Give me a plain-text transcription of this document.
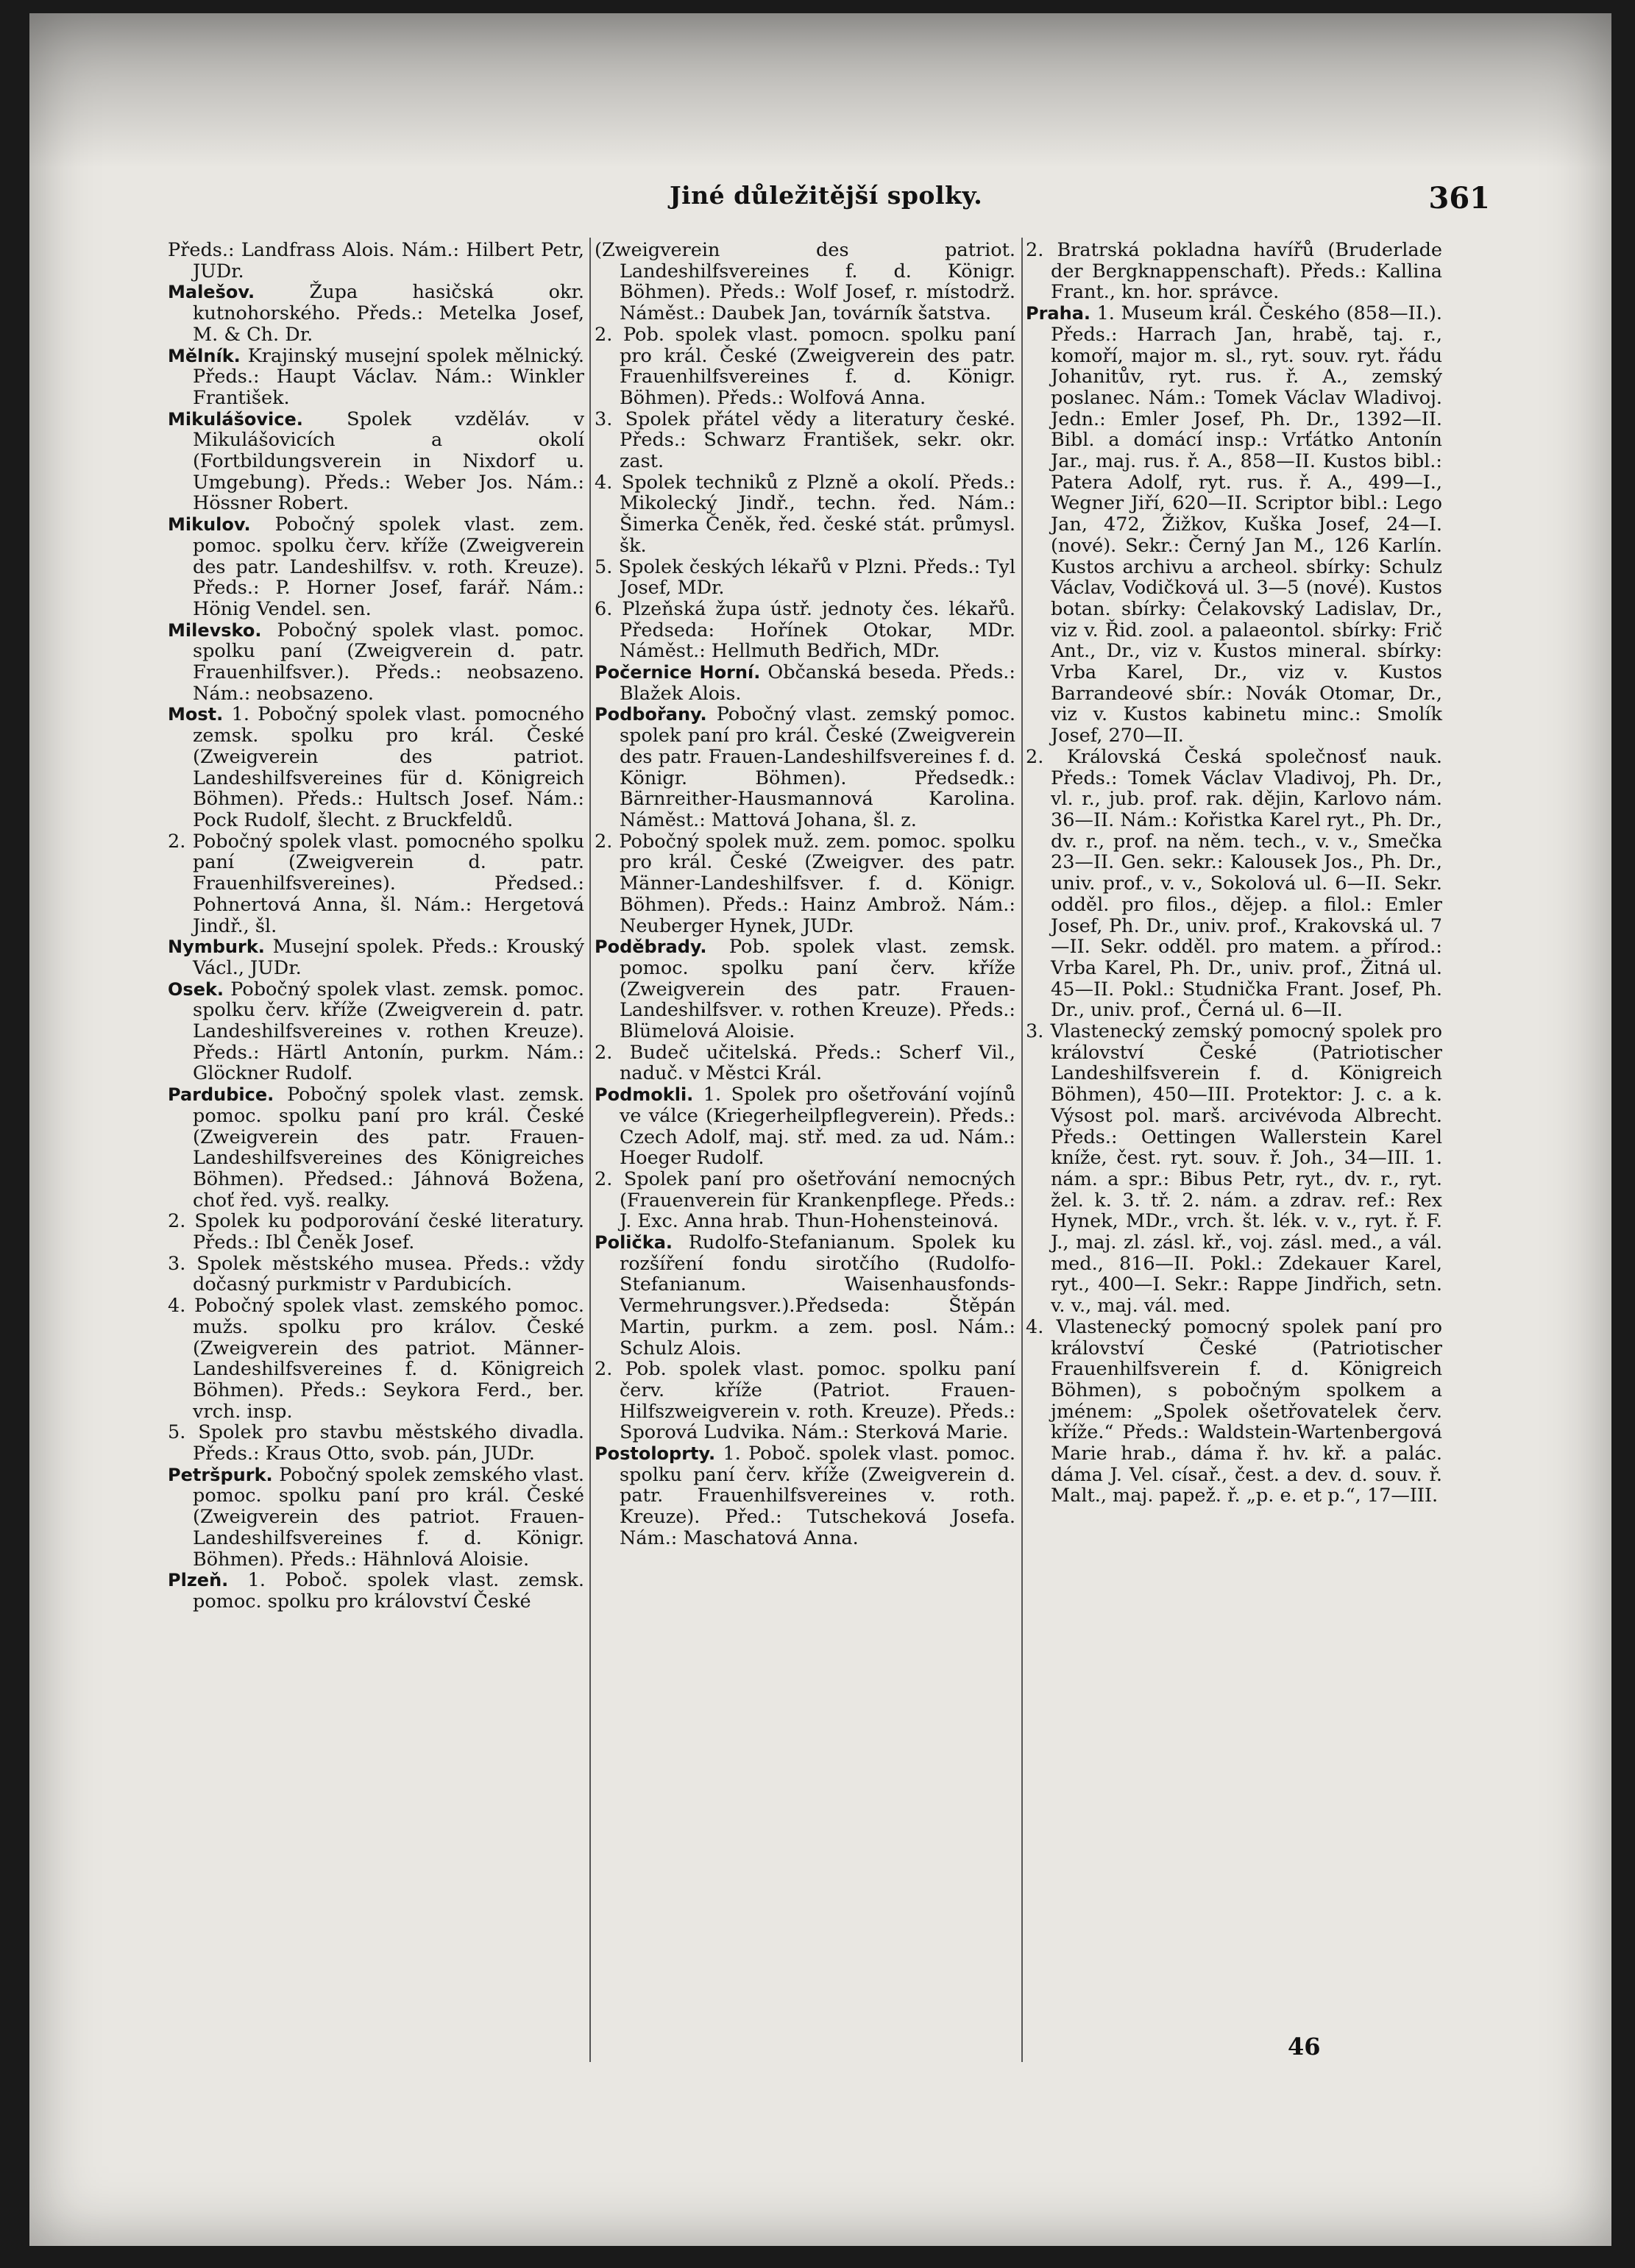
Jiné důležitější spolky.	361

Předs.: Landfrass Alois. Nám.: Hilbert Petr, JUDr.

Malešov. Župa hasičská okr. kutnohorského. Předs.: Metelka Josef, M. & Ch. Dr.

Mělník. Krajinský musejní spolek mělnický. Předs.: Haupt Václav. Nám.: Winkler František.

Mikulášovice. Spolek vzděláv. v Mikulášovicích a okolí (Fortbildungsverein in Nixdorf u. Umgebung). Předs.: Weber Jos. Nám.: Hössner Robert.

Mikulov. Pobočný spolek vlast. zem. pomoc. spolku červ. kříže (Zweigverein des patr. Landeshilfsv. v. roth. Kreuze). Předs.: P. Horner Josef, farář. Nám.: Hönig Vendel. sen.

Milevsko. Pobočný spolek vlast. pomoc. spolku paní (Zweigverein d. patr. Frauenhilfsver.). Předs.: neobsazeno. Nám.: neobsazeno.

Most. 1. Pobočný spolek vlast. pomocného zemsk. spolku pro král. České (Zweigverein des patriot. Landeshilfsvereines für d. Königreich Böhmen). Předs.: Hultsch Josef. Nám.: Pock Rudolf, šlecht. z Bruckfeldů.

2. Pobočný spolek vlast. pomocného spolku paní (Zweigverein d. patr. Frauenhilfsvereines). Předsed.: Pohnertová Anna, šl. Nám.: Hergetová Jindř., šl.

Nymburk. Musejní spolek. Předs.: Krouský Václ., JUDr.

Osek. Pobočný spolek vlast. zemsk. pomoc. spolku červ. kříže (Zweigverein d. patr. Landeshilfsvereines v. rothen Kreuze). Předs.: Härtl Antonín, purkm. Nám.: Glöckner Rudolf.

Pardubice. Pobočný spolek vlast. zemsk. pomoc. spolku paní pro král. České (Zweigverein des patr. Frauen-Landeshilfsvereines des Königreiches Böhmen). Předsed.: Jáhnová Božena, choť řed. vyš. realky.

2. Spolek ku podporování české literatury. Předs.: Ibl Čeněk Josef.

3. Spolek městského musea. Předs.: vždy dočasný purkmistr v Pardubicích.

4. Pobočný spolek vlast. zemského pomoc. mužs. spolku pro králov. České (Zweigverein des patriot. Männer-Landeshilfsvereines f. d. Königreich Böhmen). Předs.: Seykora Ferd., ber. vrch. insp.

5. Spolek pro stavbu městského divadla. Předs.: Kraus Otto, svob. pán, JUDr.

Petršpurk. Pobočný spolek zemského vlast. pomoc. spolku paní pro král. České (Zweigverein des patriot. Frauen-Landeshilfsvereines f. d. Königr. Böhmen). Předs.: Hähnlová Aloisie.

Plzeň. 1. Poboč. spolek vlast. zemsk. pomoc. spolku pro království České

(Zweigverein des patriot. Landeshilfsvereines f. d. Königr. Böhmen). Předs.: Wolf Josef, r. místodrž. Náměst.: Daubek Jan, továrník šatstva.

2. Pob. spolek vlast. pomocn. spolku paní pro král. České (Zweigverein des patr. Frauenhilfsvereines f. d. Königr. Böhmen). Předs.: Wolfová Anna.

3. Spolek přátel vědy a literatury české. Předs.: Schwarz František, sekr. okr. zast.

4. Spolek techniků z Plzně a okolí. Předs.: Mikolecký Jindř., techn. řed. Nám.: Šimerka Čeněk, řed. české stát. průmysl. šk.

5. Spolek českých lékařů v Plzni. Předs.: Tyl Josef, MDr.

6. Plzeňská župa ústř. jednoty čes. lékařů. Předseda: Hořínek Otokar, MDr. Náměst.: Hellmuth Bedřich, MDr.

Počernice Horní. Občanská beseda. Předs.: Blažek Alois.

Podbořany. Pobočný vlast. zemský pomoc. spolek paní pro král. České (Zweigverein des patr. Frauen-Landeshilfsvereines f. d. Königr. Böhmen). Předsedk.: Bärnreither-Hausmannová Karolina. Náměst.: Mattová Johana, šl. z.

2. Pobočný spolek muž. zem. pomoc. spolku pro král. České (Zweigver. des patr. Männer-Landeshilfsver. f. d. Königr. Böhmen). Předs.: Hainz Ambrož. Nám.: Neuberger Hynek, JUDr.

Poděbrady. Pob. spolek vlast. zemsk. pomoc. spolku paní červ. kříže (Zweigverein des patr. Frauen-Landeshilfsver. v. rothen Kreuze). Předs.: Blümelová Aloisie.

2. Budeč učitelská. Předs.: Scherf Vil., naduč. v Městci Král.

Podmokli. 1. Spolek pro ošetřování vojínů ve válce (Kriegerheilpflegverein). Předs.: Czech Adolf, maj. stř. med. za ud. Nám.: Hoeger Rudolf.

2. Spolek paní pro ošetřování nemocných (Frauenverein für Krankenpflege. Předs.: J. Exc. Anna hrab. Thun-Hohensteinová.

Polička. Rudolfo-Stefanianum. Spolek ku rozšíření fondu sirotčího (Rudolfo-Stefanianum. Waisenhausfonds-Vermehrungsver.).Předseda: Štěpán Martin, purkm. a zem. posl. Nám.: Schulz Alois.

2. Pob. spolek vlast. pomoc. spolku paní červ. kříže (Patriot. Frauen-Hilfszweigverein v. roth. Kreuze). Předs.: Sporová Ludvika. Nám.: Sterková Marie.

Postoloprty. 1. Poboč. spolek vlast. pomoc. spolku paní červ. kříže (Zweigverein d. patr. Frauenhilfsvereines v. roth. Kreuze). Před.: Tutscheková Josefa. Nám.: Maschatová Anna.

2. Bratrská pokladna havířů (Bruderlade der Bergknappenschaft). Předs.: Kallina Frant., kn. hor. správce.

Praha. 1. Museum král. Českého (858—II.). Předs.: Harrach Jan, hrabě, taj. r., komoří, major m. sl., ryt. souv. ryt. řádu Johanitův, ryt. rus. ř. A., zemský poslanec. Nám.: Tomek Václav Wladivoj. Jedn.: Emler Josef, Ph. Dr., 1392—II. Bibl. a domácí insp.: Vrťátko Antonín Jar., maj. rus. ř. A., 858—II. Kustos bibl.: Patera Adolf, ryt. rus. ř. A., 499—I., Wegner Jiří, 620—II. Scriptor bibl.: Lego Jan, 472, Žižkov, Kuška Josef, 24—I. (nové). Sekr.: Černý Jan M., 126 Karlín. Kustos archivu a archeol. sbírky: Schulz Václav, Vodičková ul. 3—5 (nové). Kustos botan. sbírky: Čelakovský Ladislav, Dr., viz v. Řid. zool. a palaeontol. sbírky: Frič Ant., Dr., viz v. Kustos mineral. sbírky: Vrba Karel, Dr., viz v. Kustos Barrandeové sbír.: Novák Otomar, Dr., viz v. Kustos kabinetu minc.: Smolík Josef, 270—II.

2. Královská Česká společnosť nauk. Předs.: Tomek Václav Vladivoj, Ph. Dr., vl. r., jub. prof. rak. dějin, Karlovo nám. 36—II. Nám.: Kořistka Karel ryt., Ph. Dr., dv. r., prof. na něm. tech., v. v., Smečka 23—II. Gen. sekr.: Kalousek Jos., Ph. Dr., univ. prof., v. v., Sokolová ul. 6—II. Sekr. odděl. pro filos., dějep. a filol.: Emler Josef, Ph. Dr., univ. prof., Krakovská ul. 7—II. Sekr. odděl. pro matem. a přírod.: Vrba Karel, Ph. Dr., univ. prof., Žitná ul. 45—II. Pokl.: Studnička Frant. Josef, Ph. Dr., univ. prof., Černá ul. 6—II.

3. Vlastenecký zemský pomocný spolek pro království České (Patriotischer Landeshilfsverein f. d. Königreich Böhmen), 450—III. Protektor: J. c. a k. Výsost pol. marš. arcivévoda Albrecht. Předs.: Oettingen Wallerstein Karel kníže, čest. ryt. souv. ř. Joh., 34—III. 1. nám. a spr.: Bibus Petr, ryt., dv. r., ryt. žel. k. 3. tř. 2. nám. a zdrav. ref.: Rex Hynek, MDr., vrch. št. lék. v. v., ryt. ř. F. J., maj. zl. zásl. kř., voj. zásl. med., a vál. med., 816—II. Pokl.: Zdekauer Karel, ryt., 400—I. Sekr.: Rappe Jindřich, setn. v. v., maj. vál. med.

4. Vlastenecký pomocný spolek paní pro království České (Patriotischer Frauenhilfsverein f. d. Königreich Böhmen), s pobočným spolkem a jménem: „Spolek ošetřovatelek červ. kříže.“ Předs.: Waldstein-Wartenbergová Marie hrab., dáma ř. hv. kř. a palác. dáma J. Vel. císař., čest. a dev. d. souv. ř. Malt., maj. papež. ř. „p. e. et p.“, 17—III.

46
